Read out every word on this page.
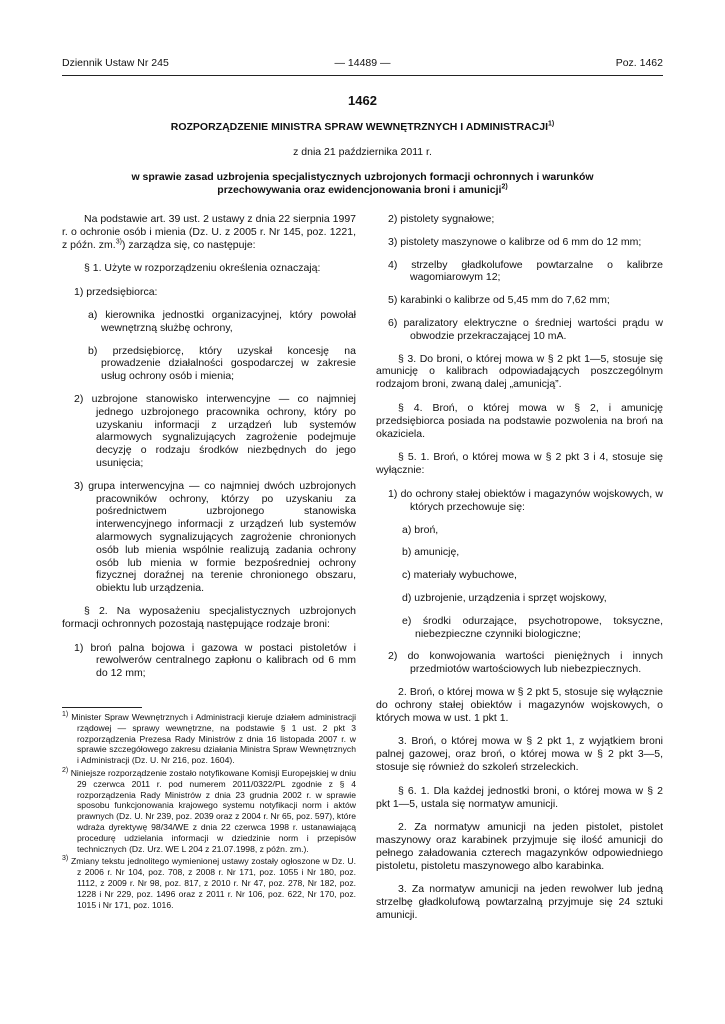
Dziennik Ustaw Nr 245	— 14489 —	Poz. 1462
1462
ROZPORZĄDZENIE MINISTRA SPRAW WEWNĘTRZNYCH I ADMINISTRACJI$^{1)}$
z dnia 21 października 2011 r.
w sprawie zasad uzbrojenia specjalistycznych uzbrojonych formacji ochronnych i warunków przechowywania oraz ewidencjonowania broni i amunicji$^{2)}$

Na podstawie art. 39 ust. 2 ustawy z dnia 22 sierpnia 1997 r. o ochronie osób i mienia (Dz. U. z 2005 r. Nr 145, poz. 1221, z późn. zm.$^{3)}$) zarządza się, co następuje:

§ 1. Użyte w rozporządzeniu określenia oznaczają:

1) przedsiębiorca:
a) kierownika jednostki organizacyjnej, który powołał wewnętrzną służbę ochrony,
b) przedsiębiorcę, który uzyskał koncesję na prowadzenie działalności gospodarczej w zakresie usług ochrony osób i mienia;
2) uzbrojone stanowisko interwencyjne — co najmniej jednego uzbrojonego pracownika ochrony, który po uzyskaniu informacji z urządzeń lub systemów alarmowych sygnalizujących zagrożenie podejmuje decyzję o rodzaju środków niezbędnych do jego usunięcia;
3) grupa interwencyjna — co najmniej dwóch uzbrojonych pracowników ochrony, którzy po uzyskaniu za pośrednictwem uzbrojonego stanowiska interwencyjnego informacji z urządzeń lub systemów alarmowych sygnalizujących zagrożenie chronionych osób lub mienia wspólnie realizują zadania ochrony osób lub mienia w formie bezpośredniej ochrony fizycznej doraźnej na terenie chronionego obszaru, obiektu lub urządzenia.

§ 2. Na wyposażeniu specjalistycznych uzbrojonych formacji ochronnych pozostają następujące rodzaje broni:

1) broń palna bojowa i gazowa w postaci pistoletów i rewolwerów centralnego zapłonu o kalibrach od 6 mm do 12 mm;
$^{1)}$ Minister Spraw Wewnętrznych i Administracji kieruje działem administracji rządowej — sprawy wewnętrzne, na podstawie § 1 ust. 2 pkt 3 rozporządzenia Prezesa Rady Ministrów z dnia 16 listopada 2007 r. w sprawie szczegółowego zakresu działania Ministra Spraw Wewnętrznych i Administracji (Dz. U. Nr 216, poz. 1604).
$^{2)}$ Niniejsze rozporządzenie zostało notyfikowane Komisji Europejskiej w dniu 29 czerwca 2011 r. pod numerem 2011/0322/PL zgodnie z § 4 rozporządzenia Rady Ministrów z dnia 23 grudnia 2002 r. w sprawie sposobu funkcjonowania krajowego systemu notyfikacji norm i aktów prawnych (Dz. U. Nr 239, poz. 2039 oraz z 2004 r. Nr 65, poz. 597), które wdraża dyrektywę 98/34/WE z dnia 22 czerwca 1998 r. ustanawiającą procedurę udzielania informacji w dziedzinie norm i przepisów technicznych (Dz. Urz. WE L 204 z 21.07.1998, z późn. zm.).
$^{3)}$ Zmiany tekstu jednolitego wymienionej ustawy zostały ogłoszone w Dz. U. z 2006 r. Nr 104, poz. 708, z 2008 r. Nr 171, poz. 1055 i Nr 180, poz. 1112, z 2009 r. Nr 98, poz. 817, z 2010 r. Nr 47, poz. 278, Nr 182, poz. 1228 i Nr 229, poz. 1496 oraz z 2011 r. Nr 106, poz. 622, Nr 170, poz. 1015 i Nr 171, poz. 1016.
2) pistolety sygnałowe;
3) pistolety maszynowe o kalibrze od 6 mm do 12 mm;
4) strzelby gładkolufowe powtarzalne o kalibrze wagomiarowym 12;
5) karabinki o kalibrze od 5,45 mm do 7,62 mm;
6) paralizatory elektryczne o średniej wartości prądu w obwodzie przekraczającej 10 mA.

§ 3. Do broni, o której mowa w § 2 pkt 1—5, stosuje się amunicję o kalibrach odpowiadających poszczególnym rodzajom broni, zwaną dalej „amunicją”.

§ 4. Broń, o której mowa w § 2, i amunicję przedsiębiorca posiada na podstawie pozwolenia na broń na okaziciela.

§ 5. 1. Broń, o której mowa w § 2 pkt 3 i 4, stosuje się wyłącznie:

1) do ochrony stałej obiektów i magazynów wojskowych, w których przechowuje się:
a) broń,
b) amunicję,
c) materiały wybuchowe,
d) uzbrojenie, urządzenia i sprzęt wojskowy,
e) środki odurzające, psychotropowe, toksyczne, niebezpieczne czynniki biologiczne;
2) do konwojowania wartości pieniężnych i innych przedmiotów wartościowych lub niebezpiecznych.

2. Broń, o której mowa w § 2 pkt 5, stosuje się wyłącznie do ochrony stałej obiektów i magazynów wojskowych, o których mowa w ust. 1 pkt 1.

3. Broń, o której mowa w § 2 pkt 1, z wyjątkiem broni palnej gazowej, oraz broń, o której mowa w § 2 pkt 3—5, stosuje się również do szkoleń strzeleckich.

§ 6. 1. Dla każdej jednostki broni, o której mowa w § 2 pkt 1—5, ustala się normatyw amunicji.

2. Za normatyw amunicji na jeden pistolet, pistolet maszynowy oraz karabinek przyjmuje się ilość amunicji do pełnego załadowania czterech magazynków odpowiedniego pistoletu, pistoletu maszynowego albo karabinka.

3. Za normatyw amunicji na jeden rewolwer lub jedną strzelbę gładkolufową powtarzalną przyjmuje się 24 sztuki amunicji.
